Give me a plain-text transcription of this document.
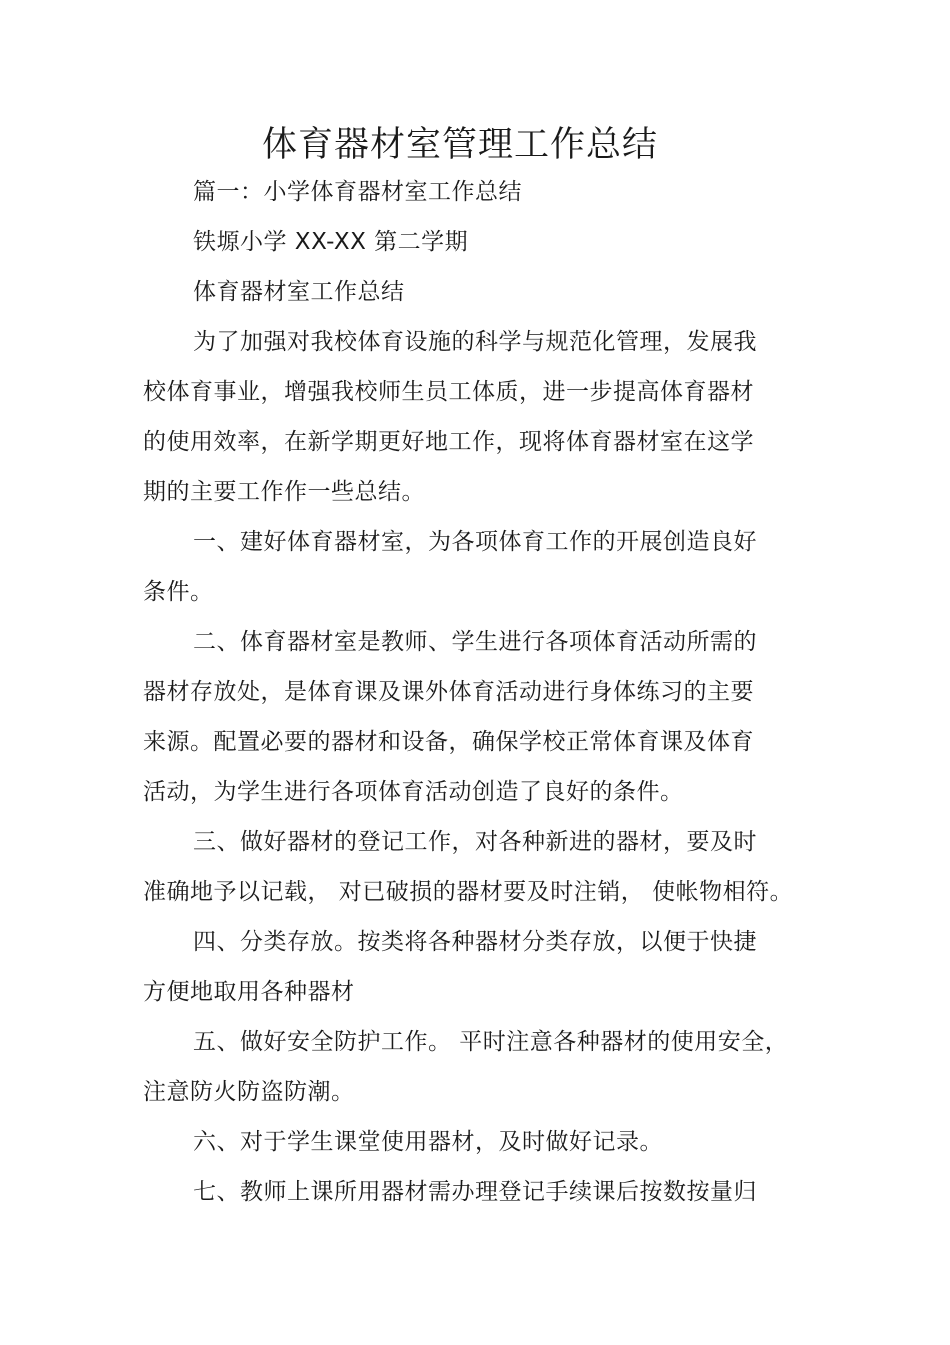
体育器材室管理工作总结
篇一：小学体育器材室工作总结
铁塬小学 XX-XX 第二学期
体育器材室工作总结
为了加强对我校体育设施的科学与规范化管理，发展我
校体育事业，增强我校师生员工体质，进一步提高体育器材
的使用效率，在新学期更好地工作，现将体育器材室在这学
期的主要工作作一些总结。
一、建好体育器材室，为各项体育工作的开展创造良好
条件。
二、体育器材室是教师、学生进行各项体育活动所需的
器材存放处，是体育课及课外体育活动进行身体练习的主要
来源。配置必要的器材和设备，确保学校正常体育课及体育
活动，为学生进行各项体育活动创造了良好的条件。
三、做好器材的登记工作，对各种新进的器材，要及时
准确地予以记载， 对已破损的器材要及时注销， 使帐物相符。
四、分类存放。按类将各种器材分类存放，以便于快捷
方便地取用各种器材
五、做好安全防护工作。 平时注意各种器材的使用安全，
注意防火防盗防潮。
六、对于学生课堂使用器材，及时做好记录。
七、教师上课所用器材需办理登记手续课后按数按量归
